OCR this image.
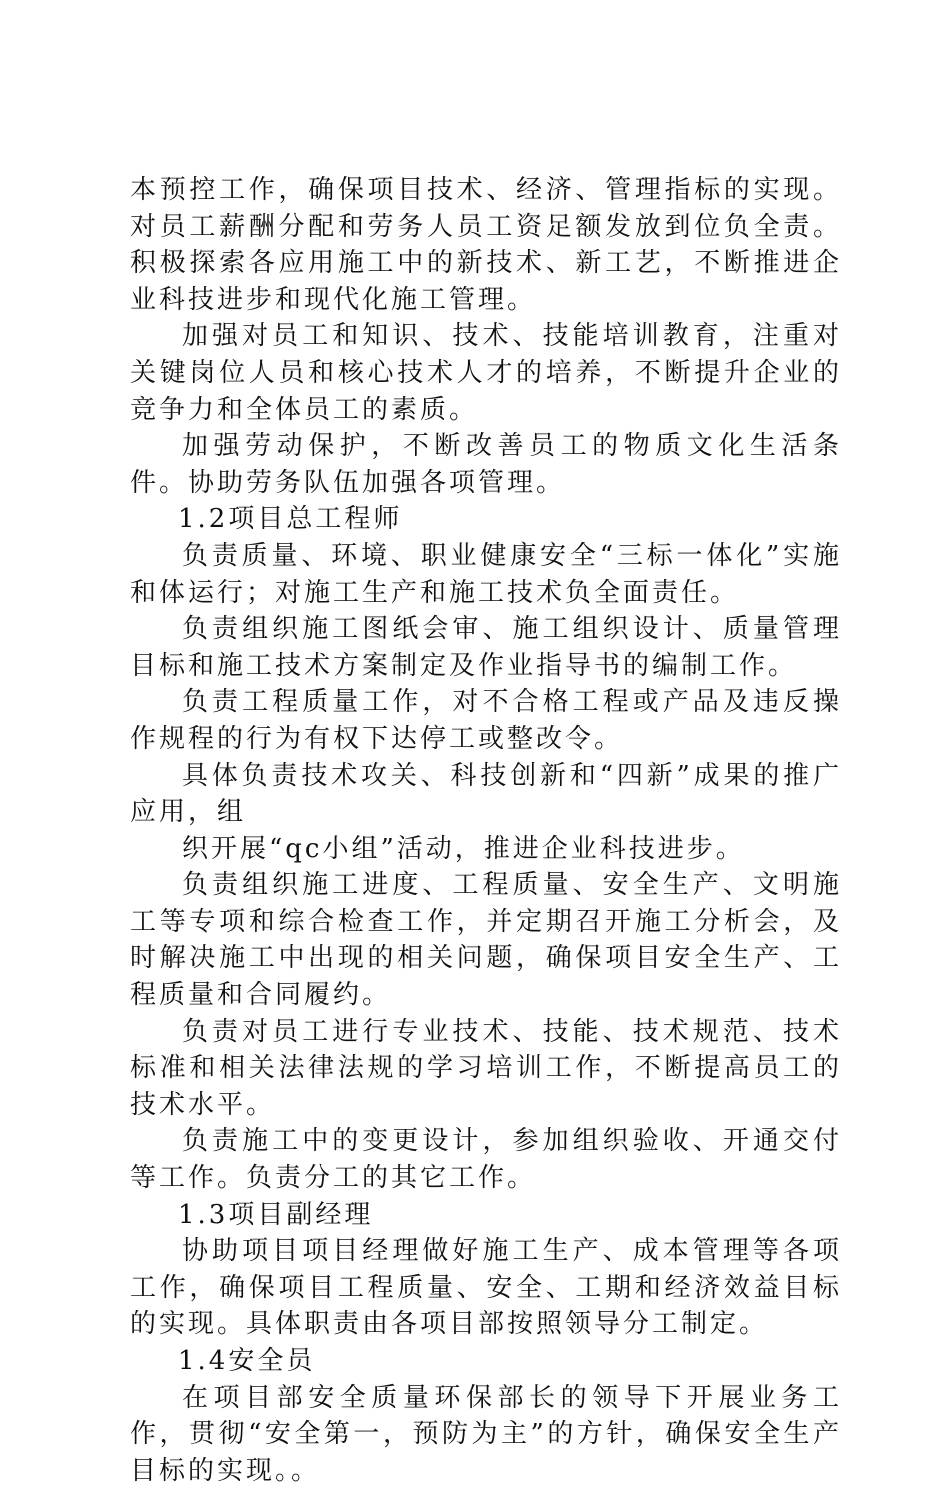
本预控工作，确保项目技术、经济、管理指标的实现。对员工薪酬分配和劳务人员工资足额发放到位负全责。积极探索各应用施工中的新技术、新工艺，不断推进企业科技进步和现代化施工管理。

加强对员工和知识、技术、技能培训教育，注重对关键岗位人员和核心技术人才的培养，不断提升企业的竞争力和全体员工的素质。

加强劳动保护，不断改善员工的物质文化生活条件。协助劳务队伍加强各项管理。

1.2项目总工程师

负责质量、环境、职业健康安全“三标一体化”实施和体运行；对施工生产和施工技术负全面责任。

负责组织施工图纸会审、施工组织设计、质量管理目标和施工技术方案制定及作业指导书的编制工作。

负责工程质量工作，对不合格工程或产品及违反操作规程的行为有权下达停工或整改令。

具体负责技术攻关、科技创新和“四新”成果的推广应用，组

织开展“qc小组”活动，推进企业科技进步。

负责组织施工进度、工程质量、安全生产、文明施工等专项和综合检查工作，并定期召开施工分析会，及时解决施工中出现的相关问题，确保项目安全生产、工程质量和合同履约。

负责对员工进行专业技术、技能、技术规范、技术标准和相关法律法规的学习培训工作，不断提高员工的技术水平。

负责施工中的变更设计，参加组织验收、开通交付等工作。负责分工的其它工作。

1.3项目副经理

协助项目项目经理做好施工生产、成本管理等各项工作，确保项目工程质量、安全、工期和经济效益目标的实现。具体职责由各项目部按照领导分工制定。

1.4安全员

在项目部安全质量环保部长的领导下开展业务工作，贯彻“安全第一，预防为主”的方针，确保安全生产目标的实现。。
